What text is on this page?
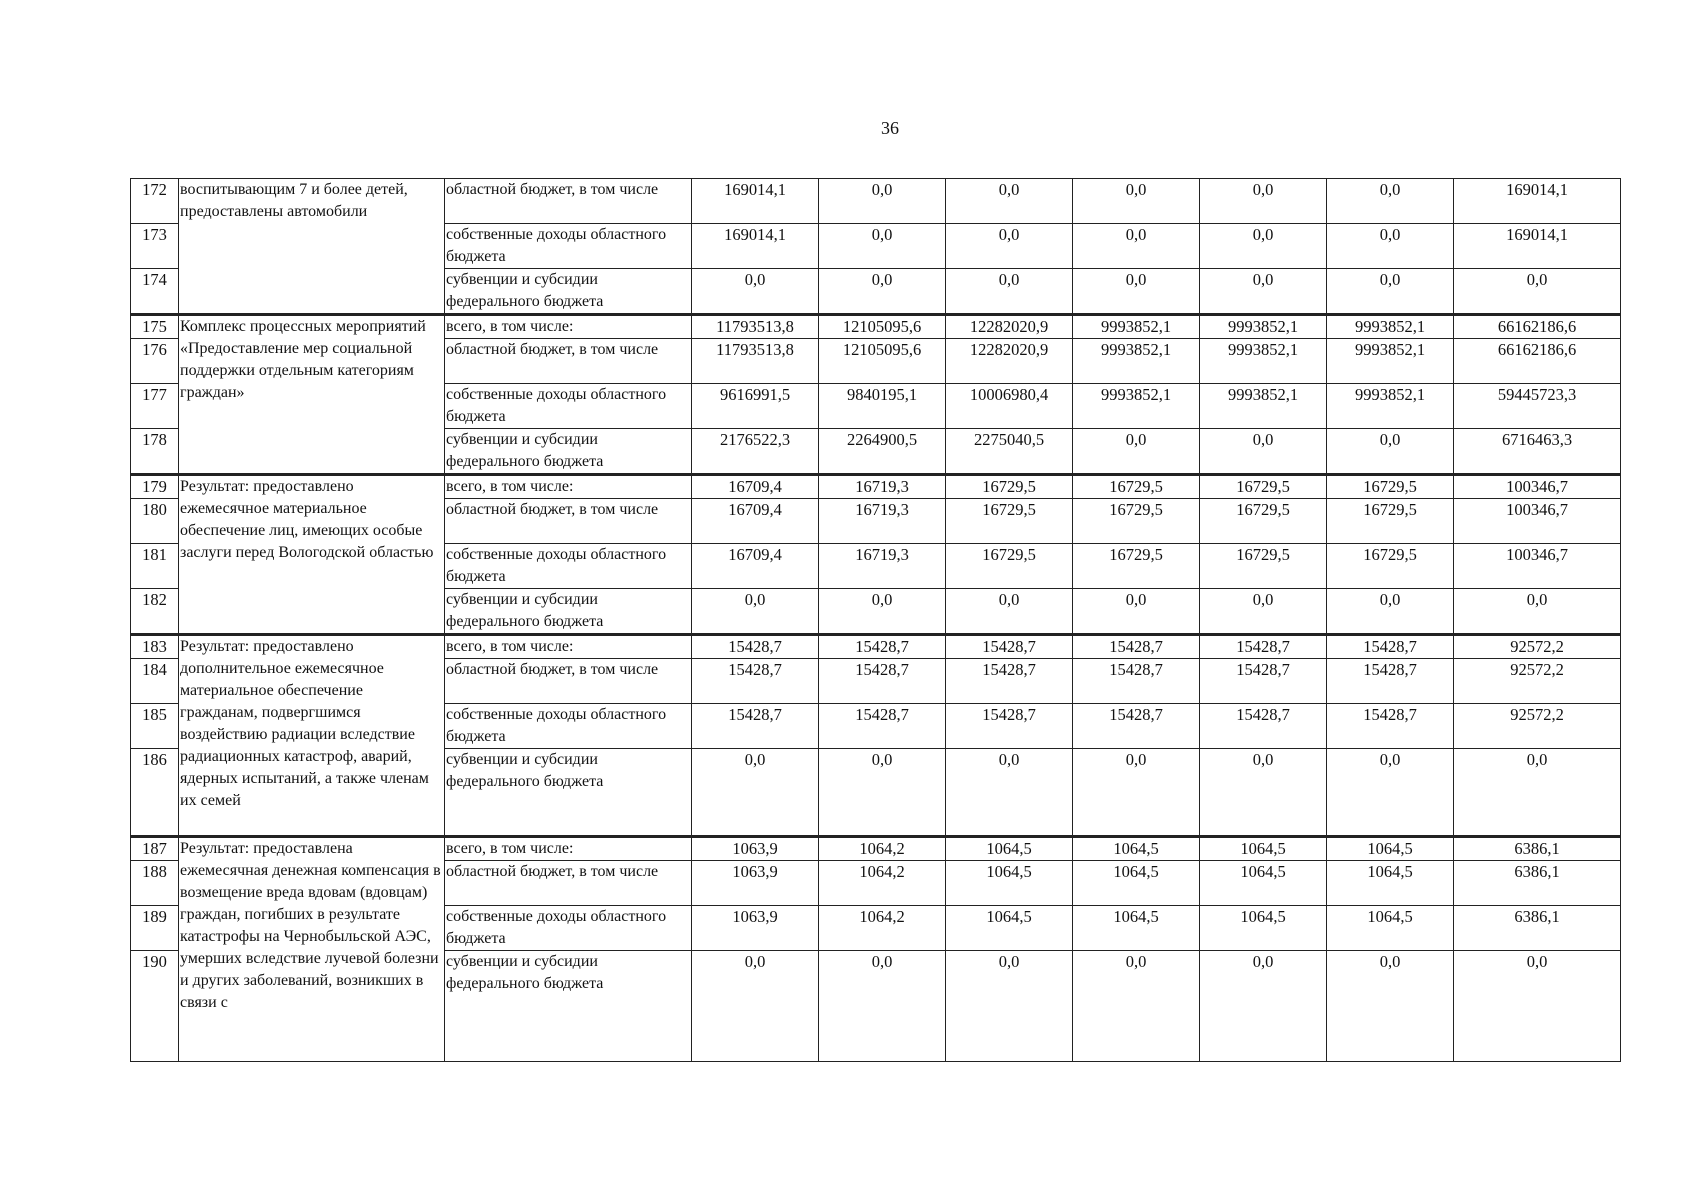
36
172	воспитывающим 7 и более детей, предоставлены автомобили	областной бюджет, в том числе	169014,1	0,0	0,0	0,0	0,0	0,0	169014,1
173		собственные доходы областного бюджета	169014,1	0,0	0,0	0,0	0,0	0,0	169014,1
174		субвенции и субсидии федерального бюджета	0,0	0,0	0,0	0,0	0,0	0,0	0,0
175	Комплекс процессных мероприятий «Предоставление мер социальной поддержки отдельным категориям граждан»	всего, в том числе:	11793513,8	12105095,6	12282020,9	9993852,1	9993852,1	9993852,1	66162186,6
176		областной бюджет, в том числе	11793513,8	12105095,6	12282020,9	9993852,1	9993852,1	9993852,1	66162186,6
177		собственные доходы областного бюджета	9616991,5	9840195,1	10006980,4	9993852,1	9993852,1	9993852,1	59445723,3
178		субвенции и субсидии федерального бюджета	2176522,3	2264900,5	2275040,5	0,0	0,0	0,0	6716463,3
179	Результат: предоставлено ежемесячное материальное обеспечение лиц, имеющих особые заслуги перед Вологодской областью	всего, в том числе:	16709,4	16719,3	16729,5	16729,5	16729,5	16729,5	100346,7
180		областной бюджет, в том числе	16709,4	16719,3	16729,5	16729,5	16729,5	16729,5	100346,7
181		собственные доходы областного бюджета	16709,4	16719,3	16729,5	16729,5	16729,5	16729,5	100346,7
182		субвенции и субсидии федерального бюджета	0,0	0,0	0,0	0,0	0,0	0,0	0,0
183	Результат: предоставлено дополнительное ежемесячное материальное обеспечение гражданам, подвергшимся воздействию радиации вследствие радиационных катастроф, аварий, ядерных испытаний, а также членам их семей	всего, в том числе:	15428,7	15428,7	15428,7	15428,7	15428,7	15428,7	92572,2
184		областной бюджет, в том числе	15428,7	15428,7	15428,7	15428,7	15428,7	15428,7	92572,2
185		собственные доходы областного бюджета	15428,7	15428,7	15428,7	15428,7	15428,7	15428,7	92572,2
186		субвенции и субсидии федерального бюджета	0,0	0,0	0,0	0,0	0,0	0,0	0,0
187	Результат: предоставлена ежемесячная денежная компенсация в возмещение вреда вдовам (вдовцам) граждан, погибших в результате катастрофы на Чернобыльской АЭС, умерших вследствие лучевой болезни и других заболеваний, возникших в связи с	всего, в том числе:	1063,9	1064,2	1064,5	1064,5	1064,5	1064,5	6386,1
188		областной бюджет, в том числе	1063,9	1064,2	1064,5	1064,5	1064,5	1064,5	6386,1
189		собственные доходы областного бюджета	1063,9	1064,2	1064,5	1064,5	1064,5	1064,5	6386,1
190		субвенции и субсидии федерального бюджета	0,0	0,0	0,0	0,0	0,0	0,0	0,0
